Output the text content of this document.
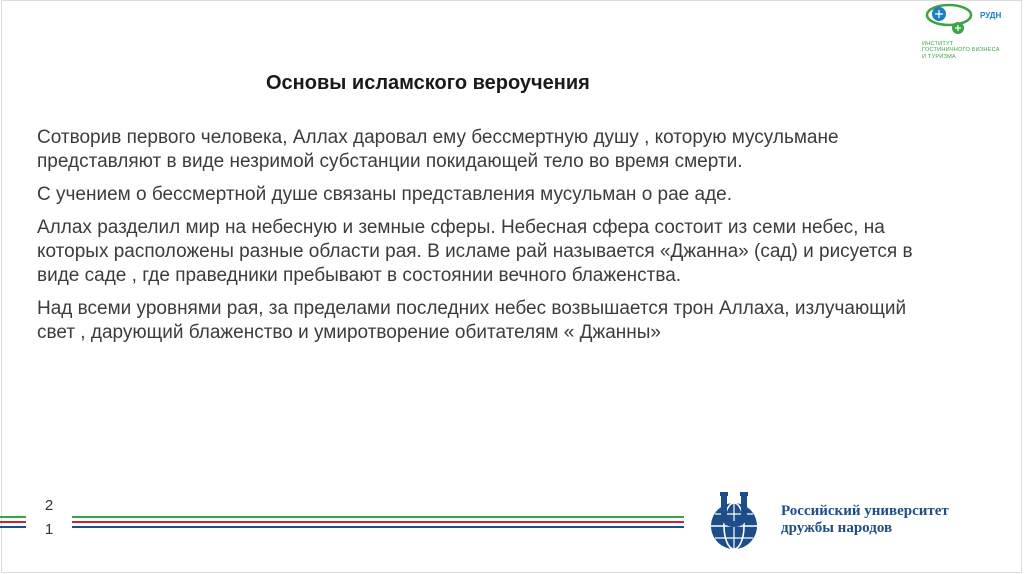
РУДН
ИНСТИТУТ
ГОСТИНИЧНОГО БИЗНЕСА
И ТУРИЗМА
Основы исламского вероучения

Сотворив первого человека, Аллах даровал ему бессмертную душу , которую мусульмане представляют в виде незримой субстанции покидающей тело во время смерти.

С учением о бессмертной душе связаны представления мусульман о рае аде.

Аллах разделил мир на небесную и земные сферы. Небесная сфера состоит из семи небес, на которых расположены разные области рая. В исламе рай называется «Джанна» (сад) и рисуется в виде саде , где праведники пребывают в состоянии вечного блаженства.

Над всеми уровнями рая, за пределами последних небес возвышается трон Аллаха, излучающий свет , дарующий блаженство и умиротворение обитателям « Джанны»

2
1
Российский университет
дружбы народов
